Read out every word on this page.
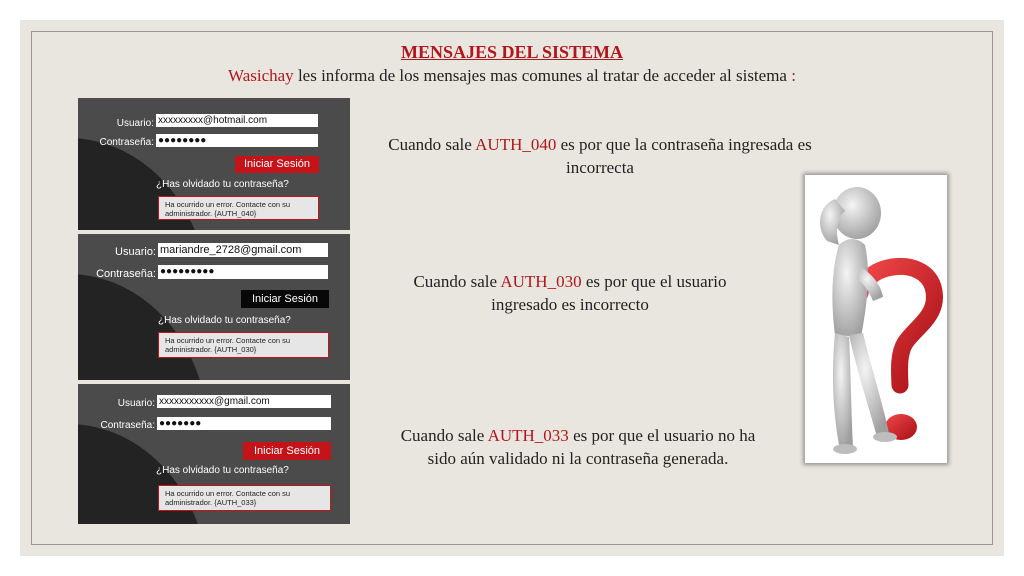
MENSAJES DEL SISTEMA
Wasichay les informa de los mensajes mas comunes al tratar de acceder al sistema :
Usuario: xxxxxxxxx@hotmail.com
Contraseña: ●●●●●●●●
Iniciar Sesión
¿Has olvidado tu contraseña?
Ha ocurrido un error. Contacte con su
administrador. {AUTH_040}
Usuario: mariandre_2728@gmail.com
Contraseña: ●●●●●●●●●
Iniciar Sesión
¿Has olvidado tu contraseña?
Ha ocurrido un error. Contacte con su
administrador. {AUTH_030}
Usuario: xxxxxxxxxxx@gmail.com
Contraseña: ●●●●●●●
Iniciar Sesión
¿Has olvidado tu contraseña?
Ha ocurrido un error. Contacte con su
administrador. {AUTH_033}
Cuando sale AUTH_040 es por que la contraseña ingresada es
incorrecta
Cuando sale AUTH_030 es por que el usuario
ingresado es incorrecto
Cuando sale AUTH_033 es por que el usuario no ha
sido aún validado ni la contraseña generada.
